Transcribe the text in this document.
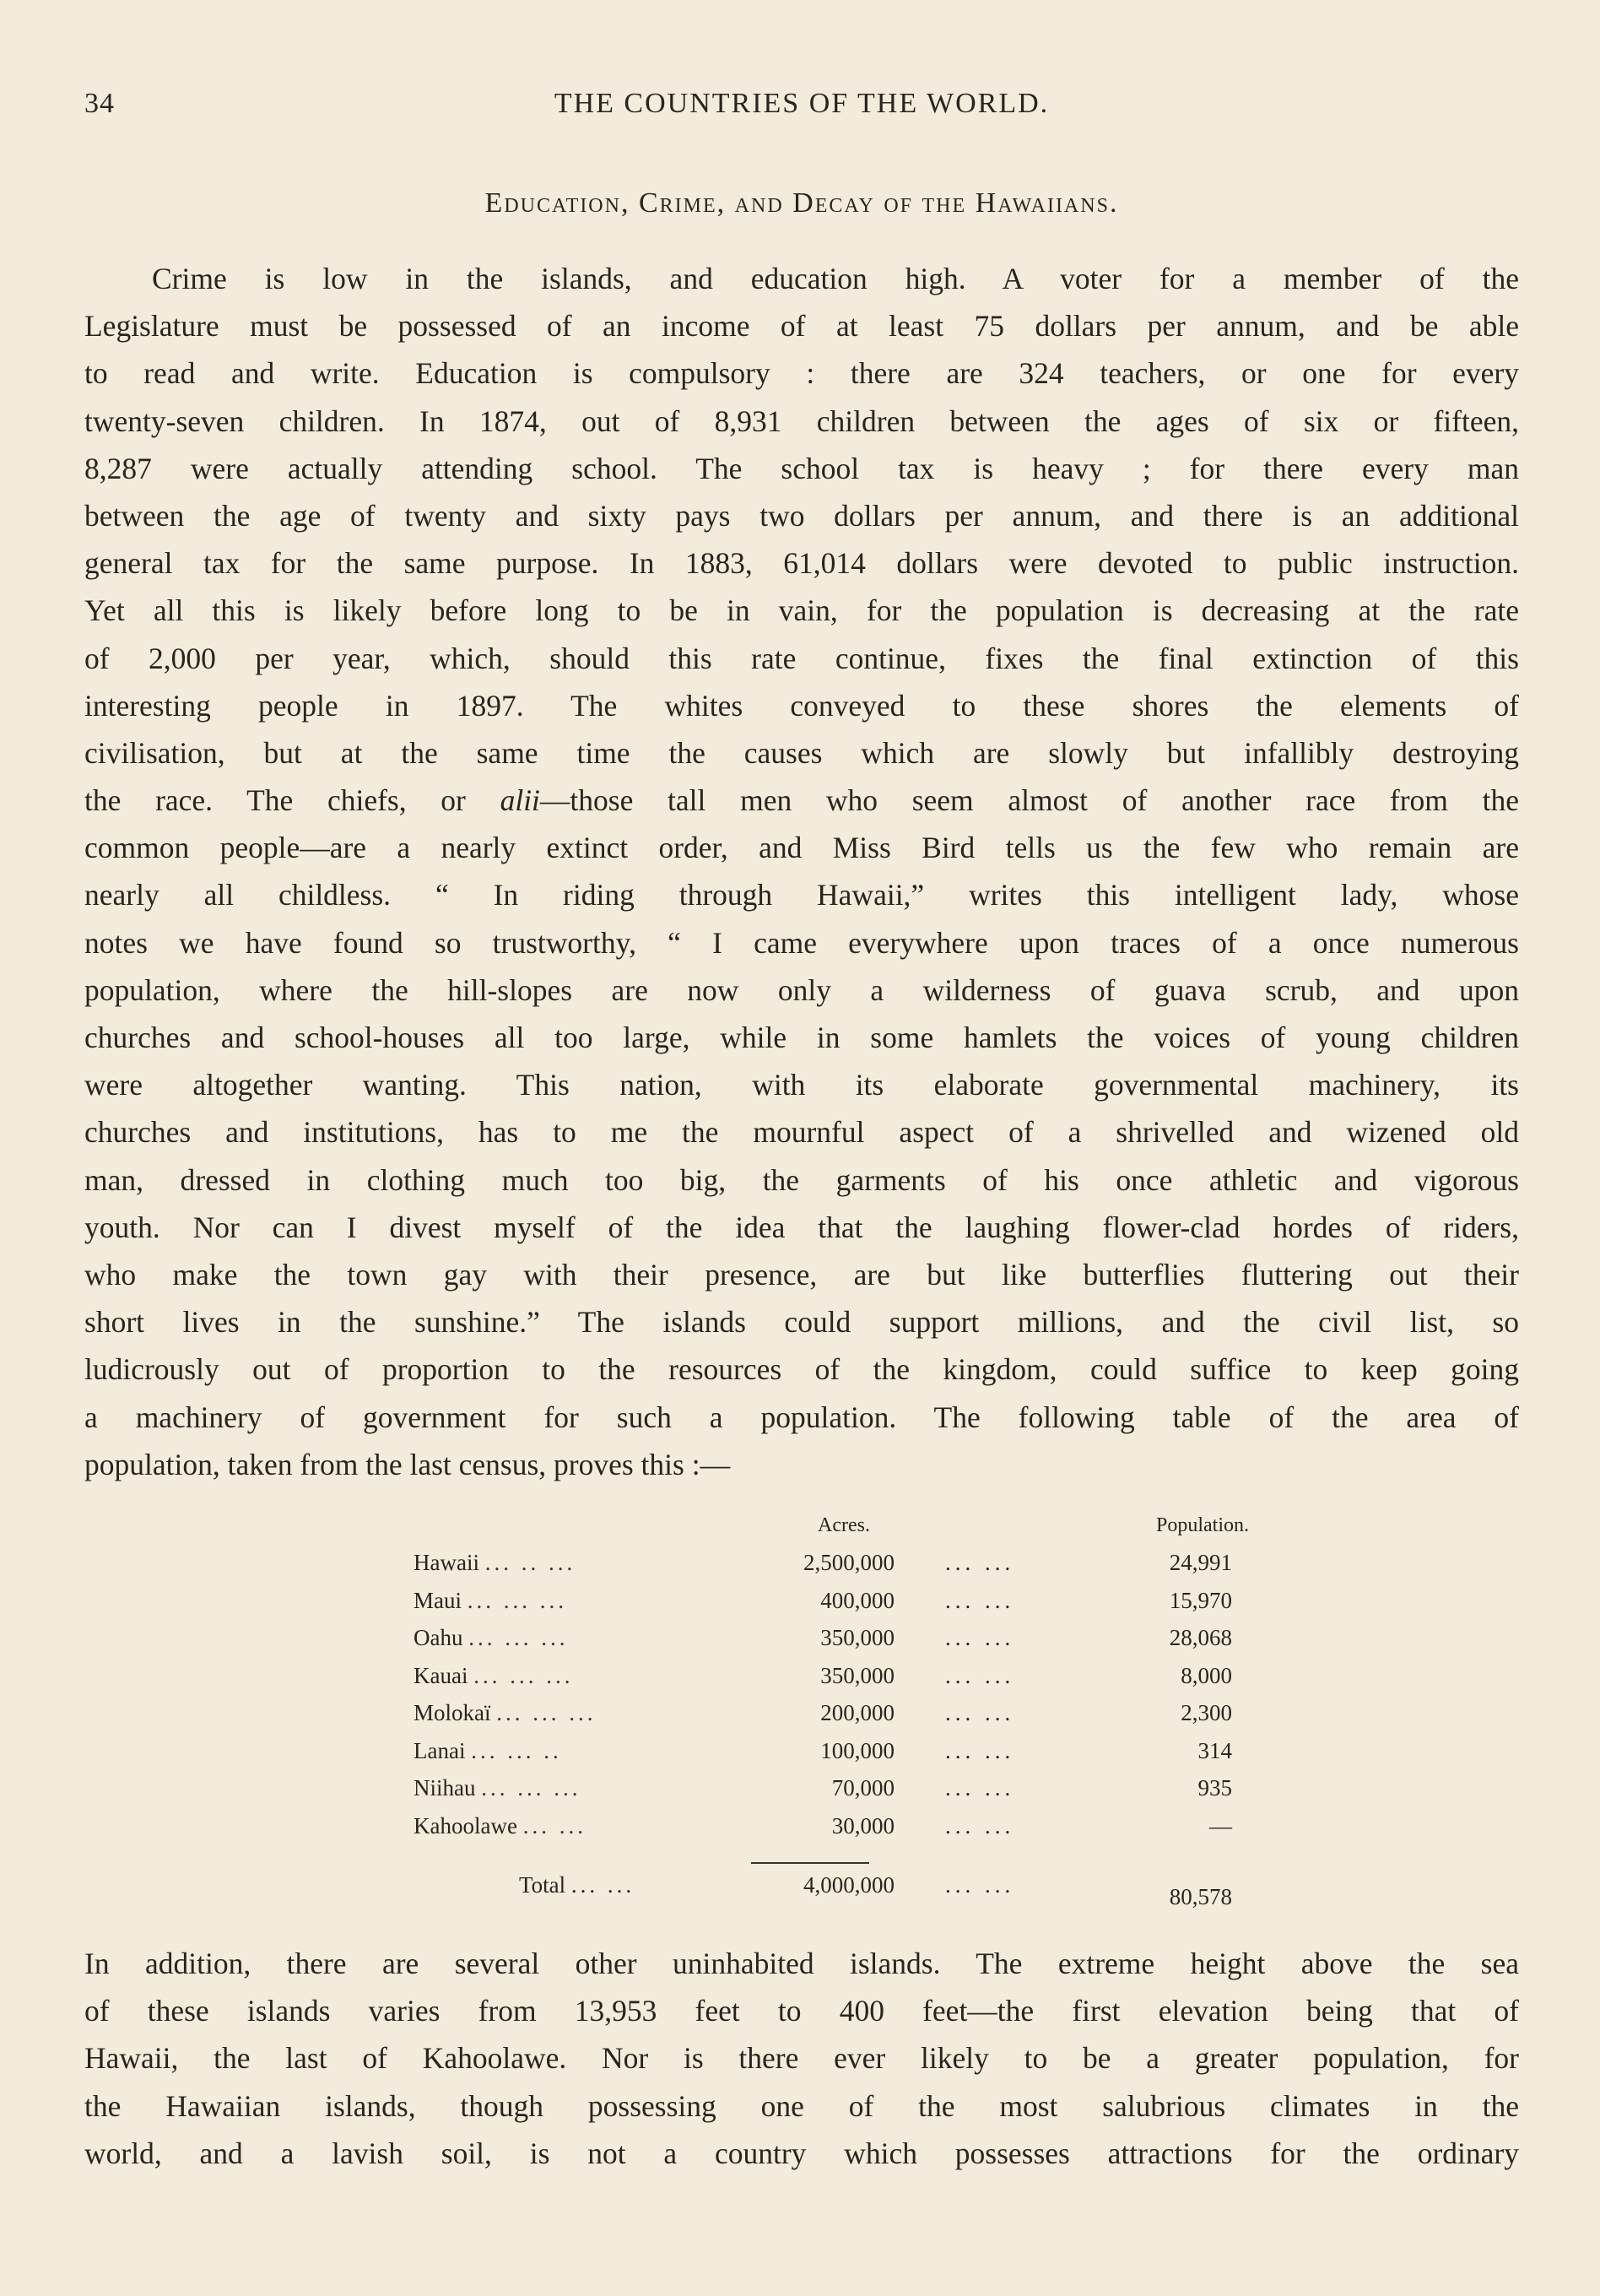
34	THE COUNTRIES OF THE WORLD.
Education, Crime, and Decay of the Hawaiians.
Crime is low in the islands, and education high. A voter for a member of the
Legislature must be possessed of an income of at least 75 dollars per annum, and be able
to read and write. Education is compulsory : there are 324 teachers, or one for every
twenty-seven children. In 1874, out of 8,931 children between the ages of six or fifteen,
8,287 were actually attending school. The school tax is heavy ; for there every man
between the age of twenty and sixty pays two dollars per annum, and there is an additional
general tax for the same purpose. In 1883, 61,014 dollars were devoted to public instruction.
Yet all this is likely before long to be in vain, for the population is decreasing at the rate
of 2,000 per year, which, should this rate continue, fixes the final extinction of this
interesting people in 1897. The whites conveyed to these shores the elements of
civilisation, but at the same time the causes which are slowly but infallibly destroying
the race. The chiefs, or alii—those tall men who seem almost of another race from the
common people—are a nearly extinct order, and Miss Bird tells us the few who remain are
nearly all childless. “ In riding through Hawaii,” writes this intelligent lady, whose
notes we have found so trustworthy, “ I came everywhere upon traces of a once numerous
population, where the hill-slopes are now only a wilderness of guava scrub, and upon
churches and school-houses all too large, while in some hamlets the voices of young children
were altogether wanting. This nation, with its elaborate governmental machinery, its
churches and institutions, has to me the mournful aspect of a shrivelled and wizened old
man, dressed in clothing much too big, the garments of his once athletic and vigorous
youth. Nor can I divest myself of the idea that the laughing flower-clad hordes of riders,
who make the town gay with their presence, are but like butterflies fluttering out their
short lives in the sunshine.” The islands could support millions, and the civil list, so
ludicrously out of proportion to the resources of the kingdom, could suffice to keep going
a machinery of government for such a population. The following table of the area of
population, taken from the last census, proves this :—
Acres.	Population.
Hawaii ... .. ...	2,500,000 ... ...	24,991
Maui ... ... ...	400,000 ... ...	15,970
Oahu ... ... ...	350,000 ... ...	28,068
Kauai ... ... ...	350,000 ... ...	8,000
Molokaï ... ... ...	200,000 ... ...	2,300
Lanai ... ... ..	100,000 ... ...	314
Niihau ... ... ...	70,000 ... ...	935
Kahoolawe ... ...	30,000 ... ...	—
Total ... ...	4,000,000 ... ...	80,578
In addition, there are several other uninhabited islands. The extreme height above the sea
of these islands varies from 13,953 feet to 400 feet—the first elevation being that of
Hawaii, the last of Kahoolawe. Nor is there ever likely to be a greater population, for
the Hawaiian islands, though possessing one of the most salubrious climates in the
world, and a lavish soil, is not a country which possesses attractions for the ordinary
